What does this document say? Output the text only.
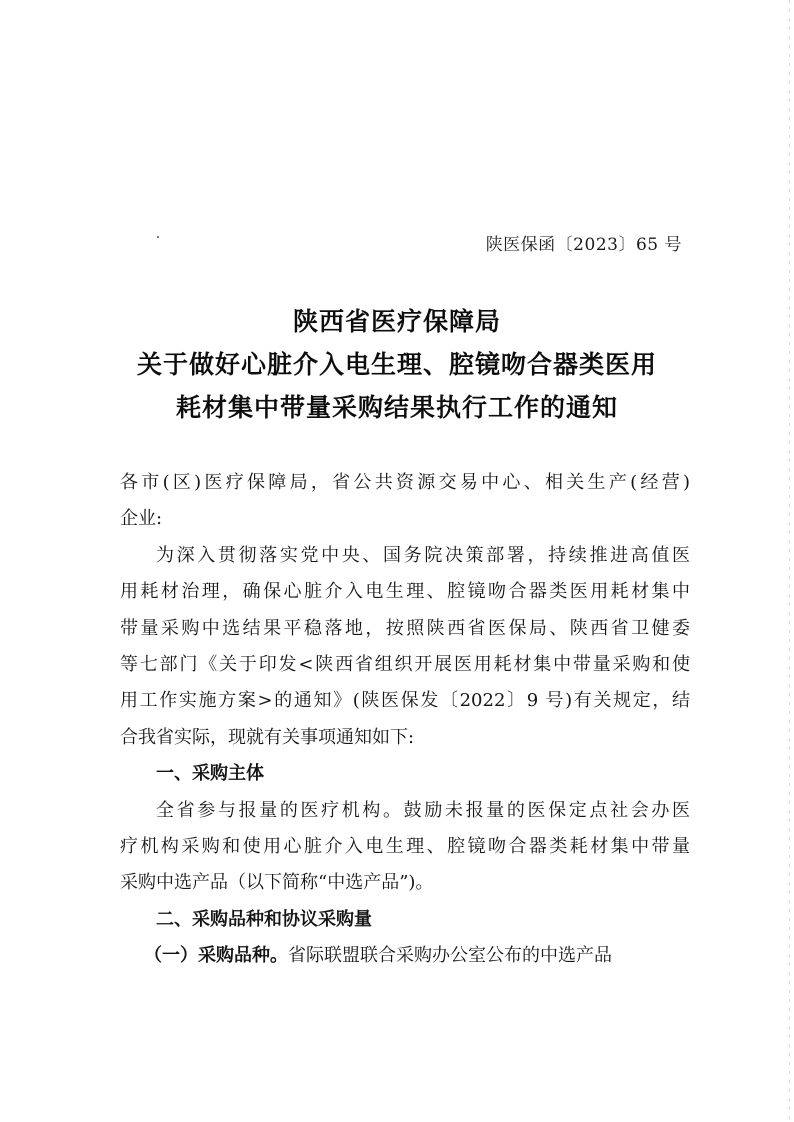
陕医保函〔2023〕65 号
陕西省医疗保障局
关于做好心脏介入电生理、腔镜吻合器类医用
耗材集中带量采购结果执行工作的通知
各市(区)医疗保障局，省公共资源交易中心、相关生产(经营)
企业:
为深入贯彻落实党中央、国务院决策部署，持续推进高值医
用耗材治理，确保心脏介入电生理、腔镜吻合器类医用耗材集中
带量采购中选结果平稳落地，按照陕西省医保局、陕西省卫健委
等七部门《关于印发<陕西省组织开展医用耗材集中带量采购和使
用工作实施方案>的通知》(陕医保发〔2022〕9 号)有关规定，结
合我省实际，现就有关事项通知如下:
一、采购主体
全省参与报量的医疗机构。鼓励未报量的医保定点社会办医
疗机构采购和使用心脏介入电生理、腔镜吻合器类耗材集中带量
采购中选产品（以下简称“中选产品”)。
二、采购品种和协议采购量
（一）采购品种。省际联盟联合采购办公室公布的中选产品
